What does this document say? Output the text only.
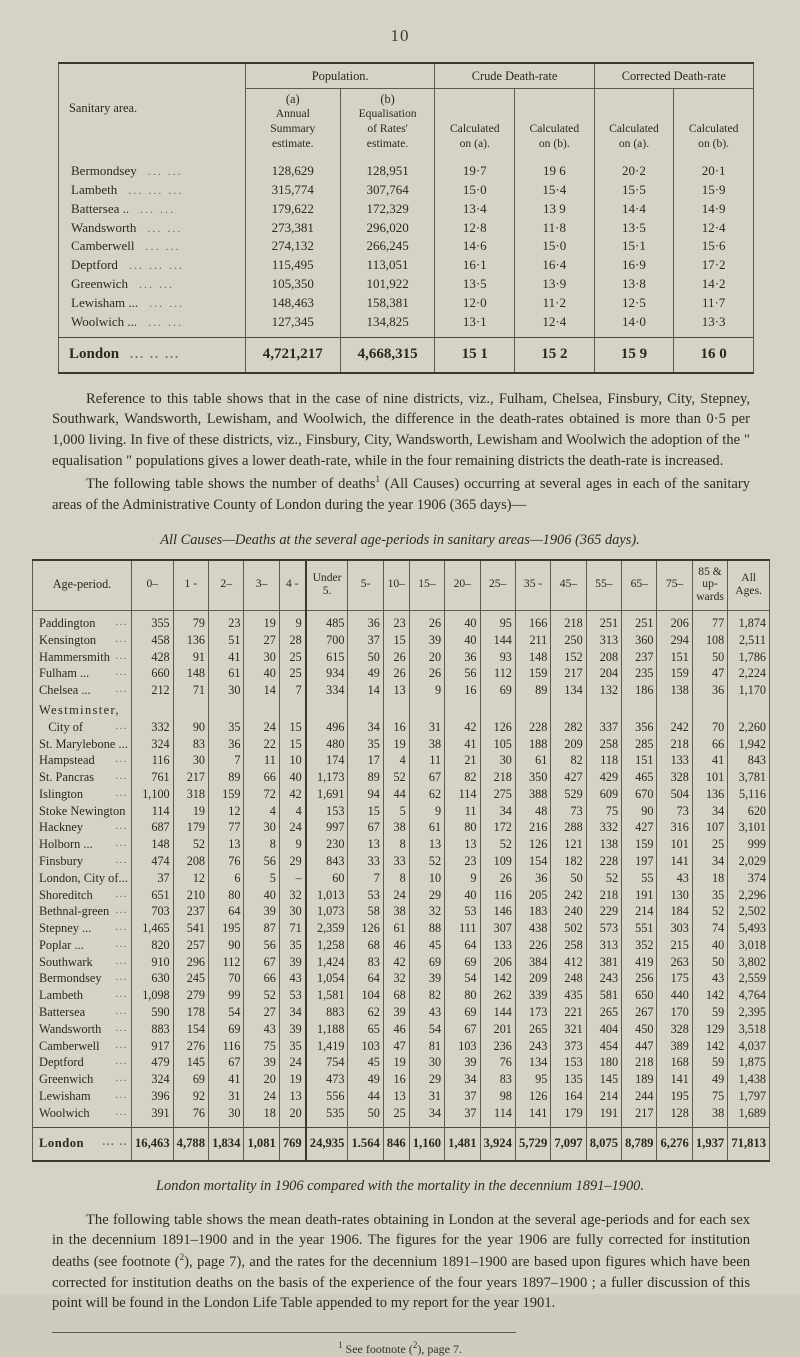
10
Sanitary area.	Population.		Crude Death-rate		Corrected Death-rate	
	(a)
Annual
Summary
estimate.	(b)
Equalisation
of Rates'
estimate.	Calculated
on (a).	Calculated
on (b).	Calculated
on (a).	Calculated
on (b).
Bermondsey ... ...	128,629	128,951	19·7	19 6	20·2	20·1
Lambeth ... ... ...	315,774	307,764	15·0	15·4	15·5	15·9
Battersea .. ... ...	179,622	172,329	13·4	13 9	14·4	14·9
Wandsworth ... ...	273,381	296,020	12·8	11·8	13·5	12·4
Camberwell ... ...	274,132	266,245	14·6	15·0	15·1	15·6
Deptford ... ... ...	115,495	113,051	16·1	16·4	16·9	17·2
Greenwich ... ...	105,350	101,922	13·5	13·9	13·8	14·2
Lewisham ... ... ...	148,463	158,381	12·0	11·2	12·5	11·7
Woolwich ... ... ...	127,345	134,825	13·1	12·4	14·0	13·3
London ... .. ...	4,721,217	4,668,315	15 1	15 2	15 9	16 0

Reference to this table shows that in the case of nine districts, viz., Fulham, Chelsea, Finsbury, City, Stepney, Southwark, Wandsworth, Lewisham, and Woolwich, the difference in the death-rates obtained is more than 0·5 per 1,000 living. In five of these districts, viz., Finsbury, City, Wandsworth, Lewisham and Woolwich the adoption of the " equalisation " populations gives a lower death-rate, while in the four remaining districts the death-rate is increased.

The following table shows the number of deaths$^1$ (All Causes) occurring at several ages in each of the sanitary areas of the Administrative County of London during the year 1906 (365 days)—

All Causes—Deaths at the several age-periods in sanitary areas—1906 (365 days).
Age-period.	0–	1 -	2–	3–	4 -	Under
5.	5-	10–	15–	20–	25–	35 -	45–	55–	65–	75–	85 &
up-
wards	All
Ages.
Paddington ...	355	79	23	19	9	485	36	23	26	40	95	166	218	251	251	206	77	1,874
Kensington ...	458	136	51	27	28	700	37	15	39	40	144	211	250	313	360	294	108	2,511
Hammersmith ...	428	91	41	30	25	615	50	26	20	36	93	148	152	208	237	151	50	1,786
Fulham ... ...	660	148	61	40	25	934	49	26	26	56	112	159	217	204	235	159	47	2,224
Chelsea ... ...	212	71	30	14	7	334	14	13	9	16	69	89	134	132	186	138	36	1,170
Westminster,																		
City of ...	332	90	35	24	15	496	34	16	31	42	126	228	282	337	356	242	70	2,260
St. Marylebone ...	324	83	36	22	15	480	35	19	38	41	105	188	209	258	285	218	66	1,942
Hampstead ...	116	30	7	11	10	174	17	4	11	21	30	61	82	118	151	133	41	843
St. Pancras ...	761	217	89	66	40	1,173	89	52	67	82	218	350	427	429	465	328	101	3,781
Islington ...	1,100	318	159	72	42	1,691	94	44	62	114	275	388	529	609	670	504	136	5,116
Stoke Newington	114	19	12	4	4	153	15	5	9	11	34	48	73	75	90	73	34	620
Hackney ...	687	179	77	30	24	997	67	38	61	80	172	216	288	332	427	316	107	3,101
Holborn ... ...	148	52	13	8	9	230	13	8	13	13	52	126	121	138	159	101	25	999
Finsbury ...	474	208	76	56	29	843	33	33	52	23	109	154	182	228	197	141	34	2,029
London, City of...	37	12	6	5	–	60	7	8	10	9	26	36	50	52	55	43	18	374
Shoreditch ...	651	210	80	40	32	1,013	53	24	29	40	116	205	242	218	191	130	35	2,296
Bethnal-green ...	703	237	64	39	30	1,073	58	38	32	53	146	183	240	229	214	184	52	2,502
Stepney ... ...	1,465	541	195	87	71	2,359	126	61	88	111	307	438	502	573	551	303	74	5,493
Poplar ... ...	820	257	90	56	35	1,258	68	46	45	64	133	226	258	313	352	215	40	3,018
Southwark ...	910	296	112	67	39	1,424	83	42	69	69	206	384	412	381	419	263	50	3,802
Bermondsey ...	630	245	70	66	43	1,054	64	32	39	54	142	209	248	243	256	175	43	2,559
Lambeth ...	1,098	279	99	52	53	1,581	104	68	82	80	262	339	435	581	650	440	142	4,764
Battersea ...	590	178	54	27	34	883	62	39	43	69	144	173	221	265	267	170	59	2,395
Wandsworth ...	883	154	69	43	39	1,188	65	46	54	67	201	265	321	404	450	328	129	3,518
Camberwell ...	917	276	116	75	35	1,419	103	47	81	103	236	243	373	454	447	389	142	4,037
Deptford ...	479	145	67	39	24	754	45	19	30	39	76	134	153	180	218	168	59	1,875
Greenwich ...	324	69	41	20	19	473	49	16	29	34	83	95	135	145	189	141	49	1,438
Lewisham ...	396	92	31	24	13	556	44	13	31	37	98	126	164	214	244	195	75	1,797
Woolwich ...	391	76	30	18	20	535	50	25	34	37	114	141	179	191	217	128	38	1,689
London ... ..	16,463	4,788	1,834	1,081	769	24,935	1.564	846	1,160	1,481	3,924	5,729	7,097	8,075	8,789	6,276	1,937	71,813
London mortality in 1906 compared with the mortality in the decennium 1891–1900.

The following table shows the mean death-rates obtaining in London at the several age-periods and for each sex in the decennium 1891–1900 and in the year 1906. The figures for the year 1906 are fully corrected for institution deaths (see footnote ($^2$), page 7), and the rates for the decennium 1891–1900 are based upon figures which have been corrected for institution deaths on the basis of the experience of the four years 1897–1900 ; a fuller discussion of this point will be found in the London Life Table appended to my report for the year 1901.

$^1$ See footnote ($^2$), page 7.
